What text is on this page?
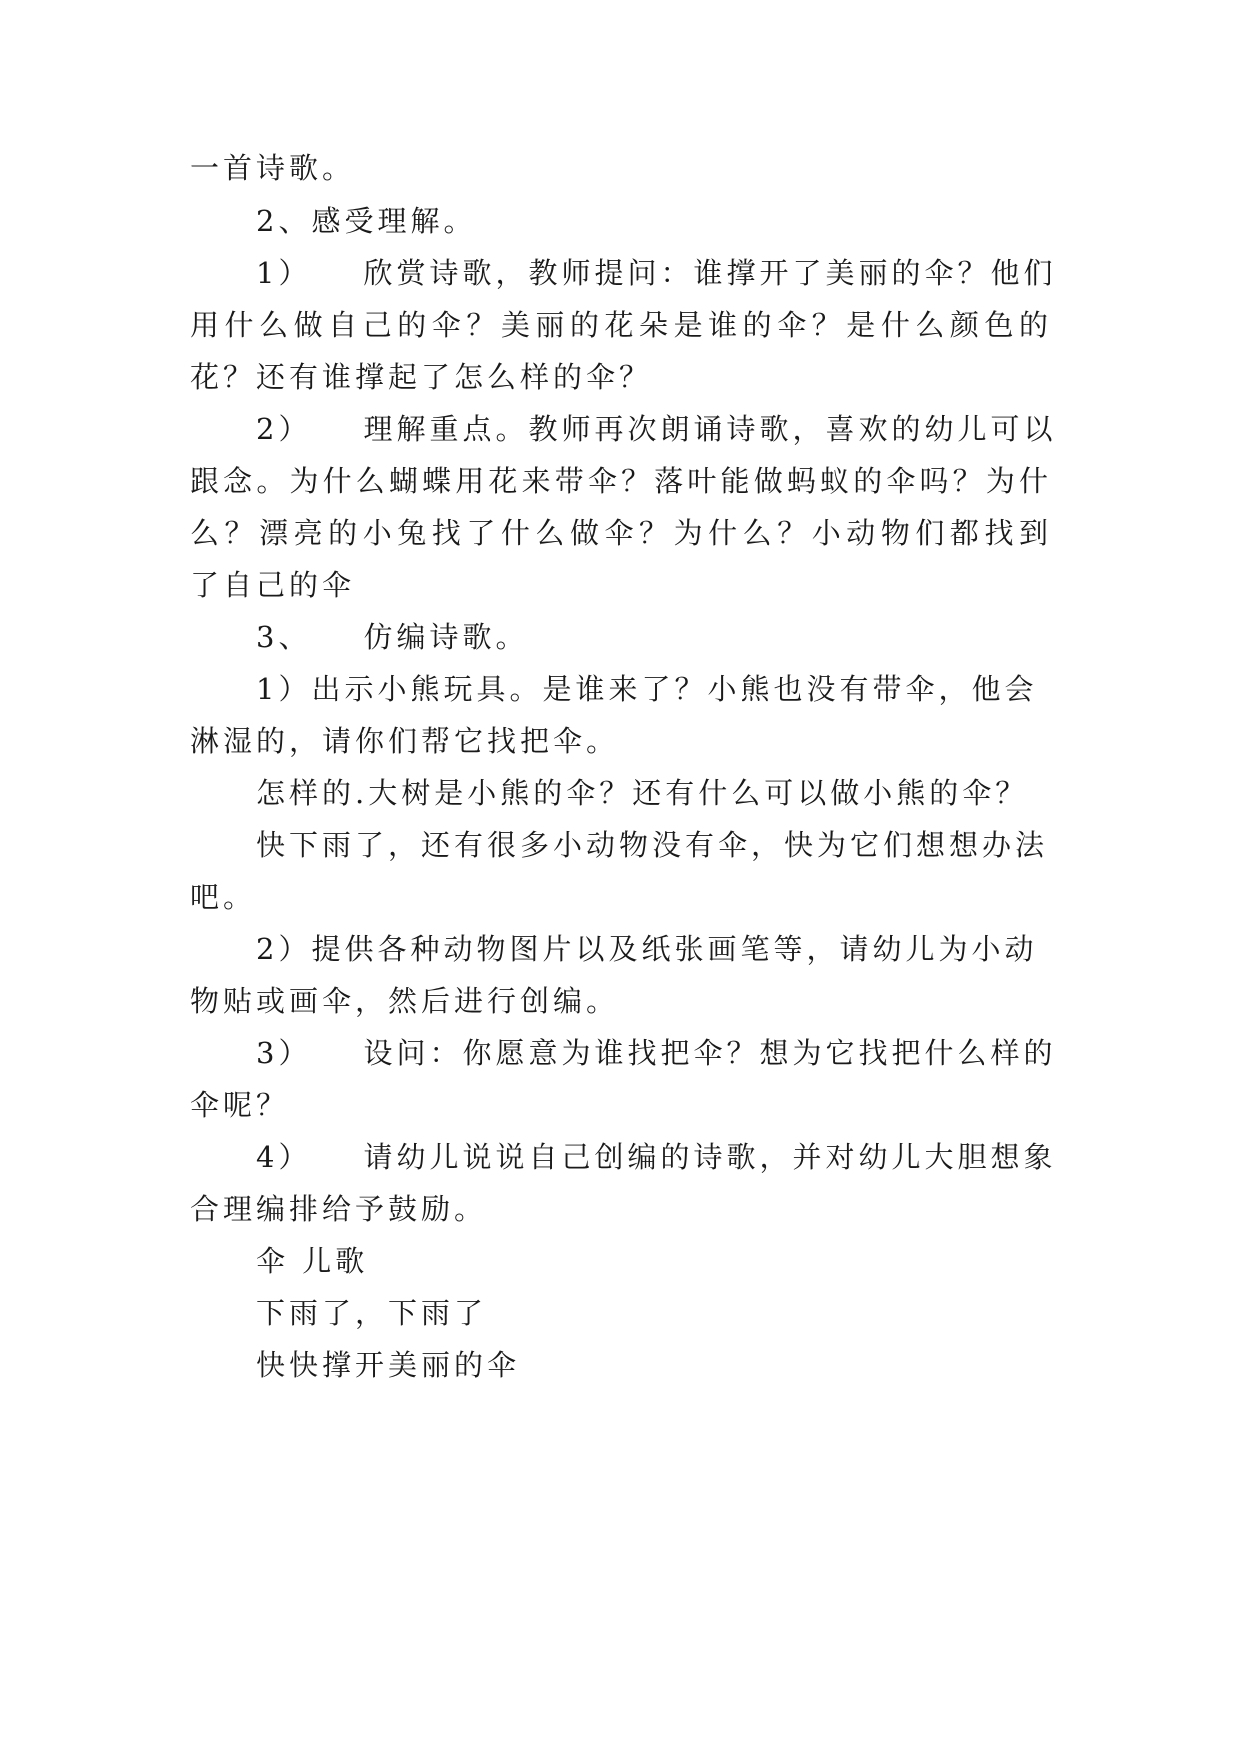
一首诗歌。
2、感受理解。
1） 欣赏诗歌，教师提问：谁撑开了美丽的伞？他们
用什么做自己的伞？美丽的花朵是谁的伞？是什么颜色的
花？还有谁撑起了怎么样的伞？
2） 理解重点。教师再次朗诵诗歌，喜欢的幼儿可以
跟念。为什么蝴蝶用花来带伞？落叶能做蚂蚁的伞吗？为什
么？漂亮的小兔找了什么做伞？为什么？小动物们都找到
了自己的伞
3、 仿编诗歌。
1）出示小熊玩具。是谁来了？小熊也没有带伞，他会
淋湿的，请你们帮它找把伞。
怎样的.大树是小熊的伞？还有什么可以做小熊的伞？
快下雨了，还有很多小动物没有伞，快为它们想想办法
吧。
2）提供各种动物图片以及纸张画笔等，请幼儿为小动
物贴或画伞，然后进行创编。
3） 设问：你愿意为谁找把伞？想为它找把什么样的
伞呢？
4） 请幼儿说说自己创编的诗歌，并对幼儿大胆想象
合理编排给予鼓励。
伞 儿歌
下雨了，下雨了
快快撑开美丽的伞
